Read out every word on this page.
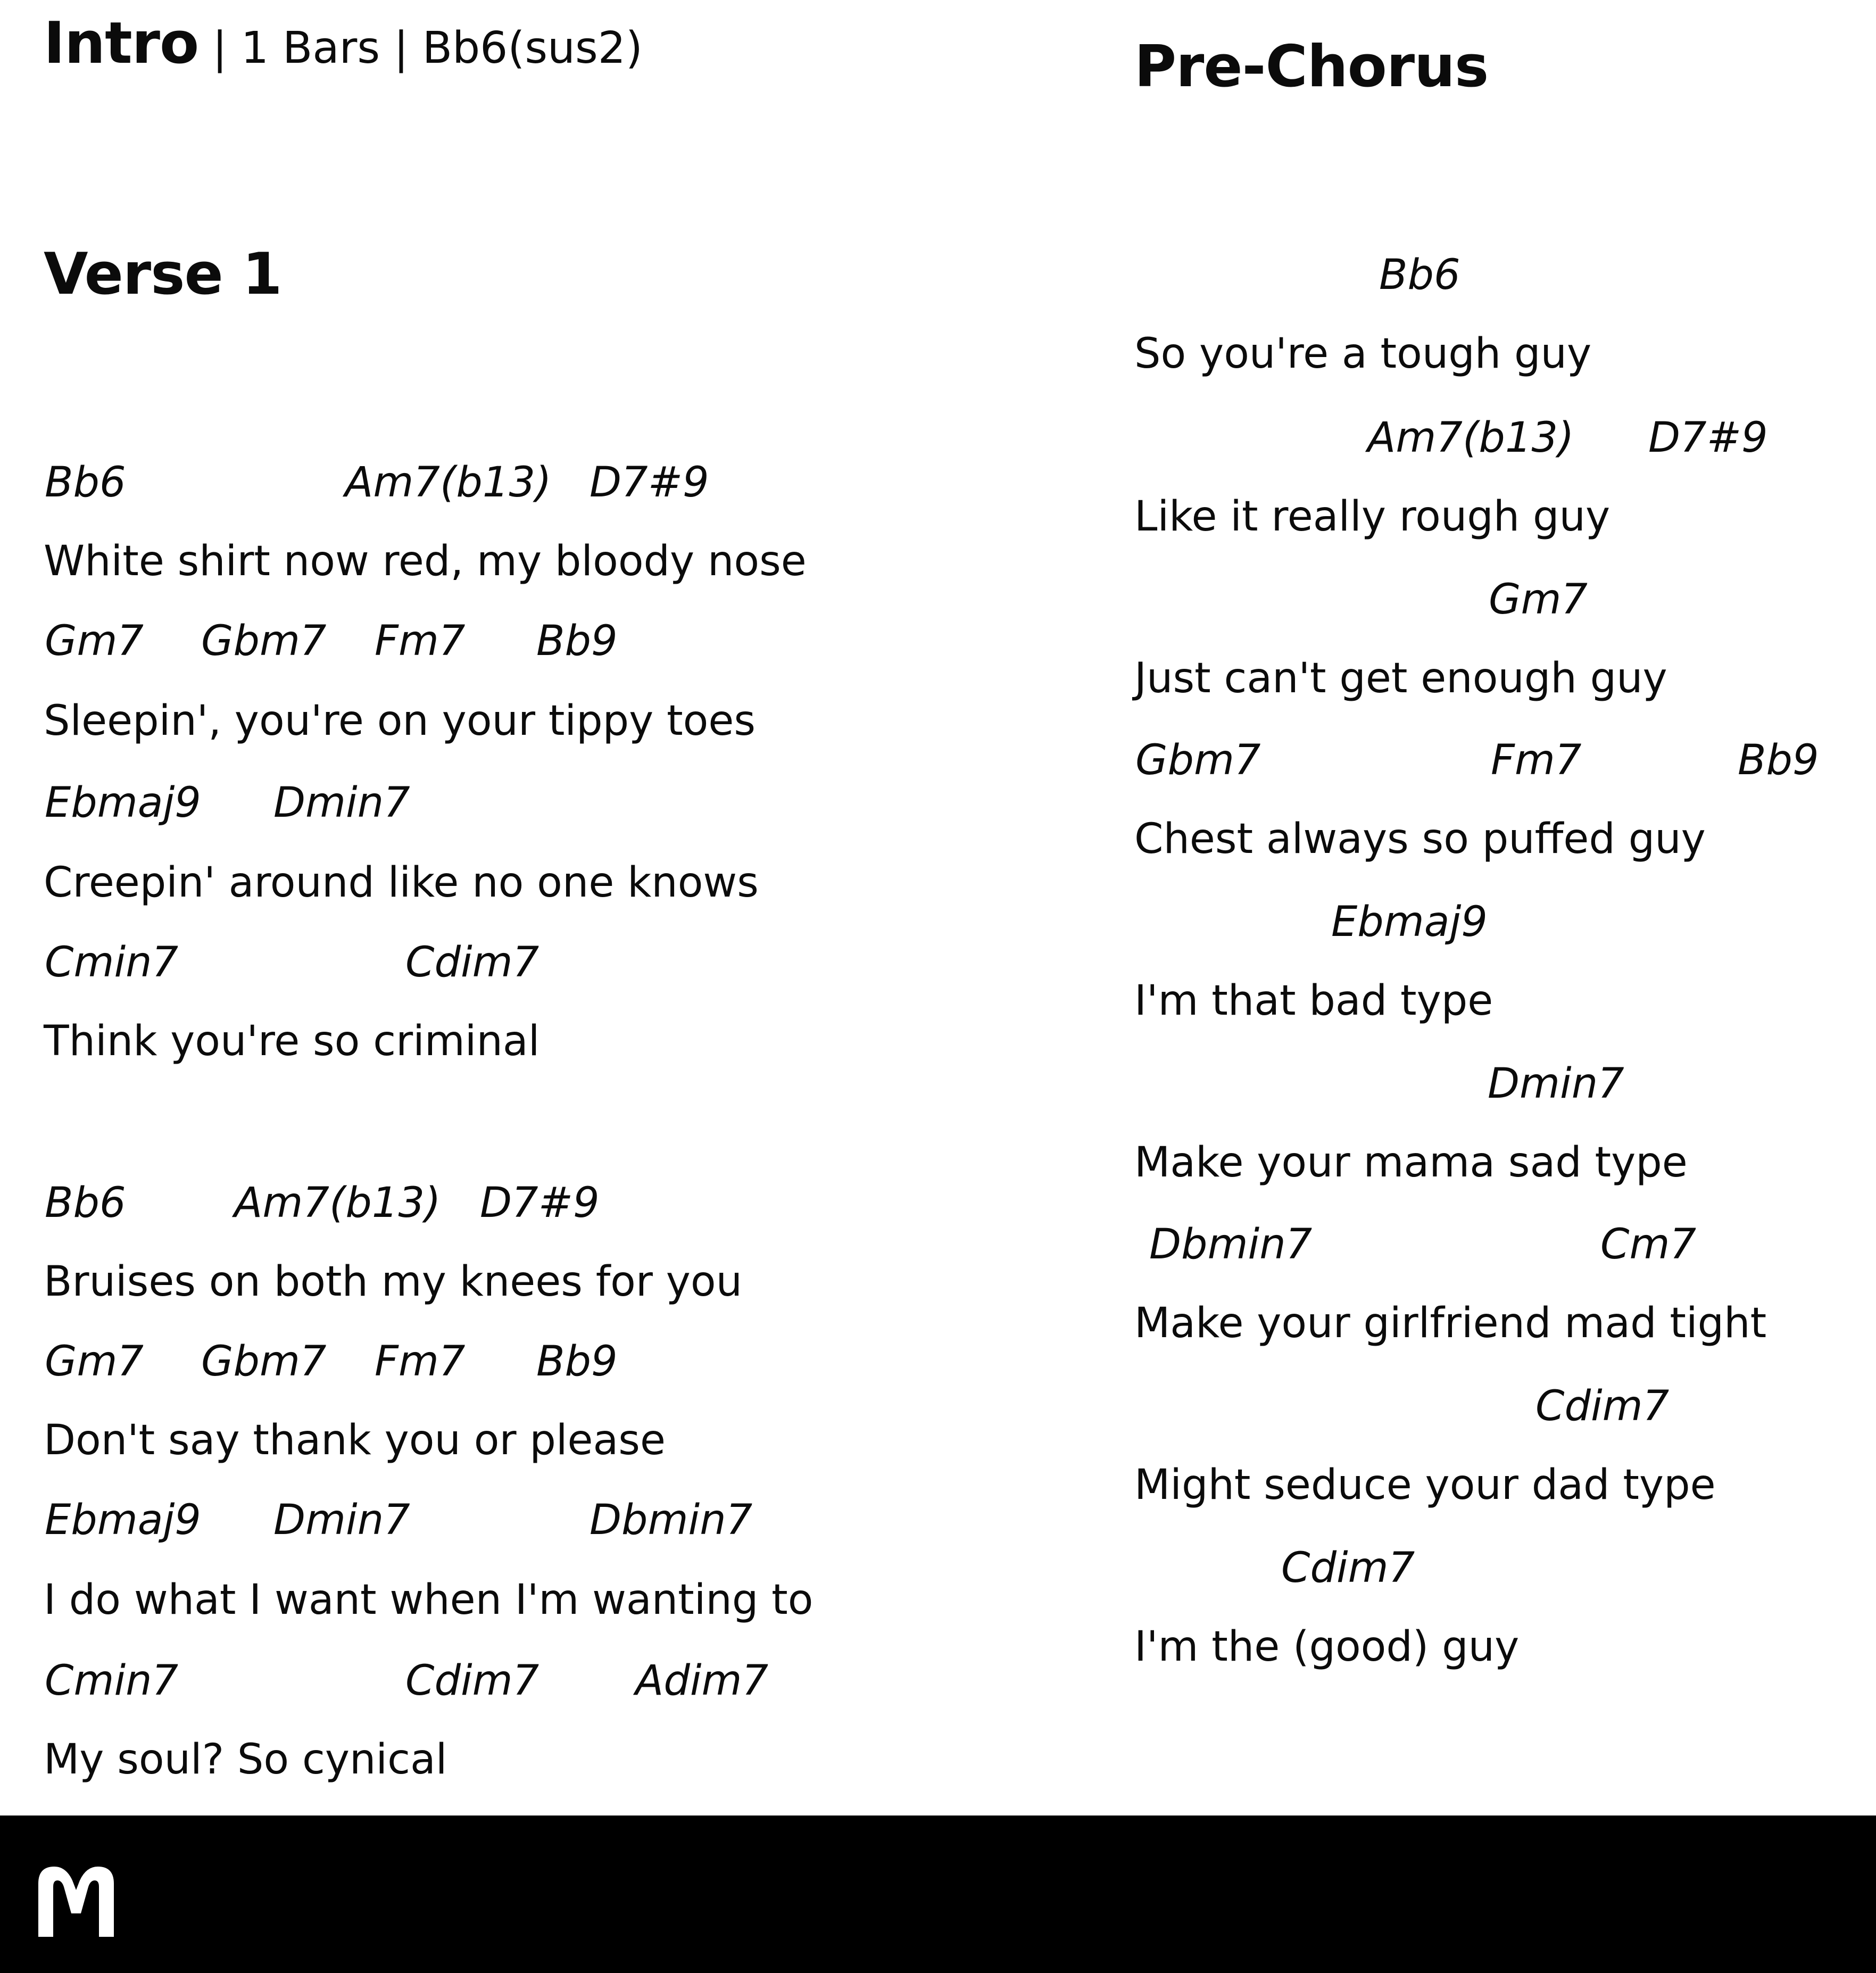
Intro | 1 Bars | Bb6(sus2)
Verse 1
Bb6	Am7(b13) D7#9
White shirt now red, my bloody nose
Gm7 Gbm7 Fm7 Bb9
Sleepin', you're on your tippy toes
Ebmaj9 Dmin7
Creepin' around like no one knows
Cmin7	Cdim7
Think you're so criminal
Bb6	Am7(b13) D7#9
Bruises on both my knees for you
Gm7 Gbm7 Fm7 Bb9
Don't say thank you or please
Ebmaj9 Dmin7	Dbmin7
I do what I want when I'm wanting to
Cmin7	Cdim7 Adim7
My soul? So cynical
Pre-Chorus
Bb6
So you're a tough guy
Am7(b13) D7#9
Like it really rough guy
Gm7
Just can't get enough guy
Gbm7	Fm7	Bb9
Chest always so puffed guy
Ebmaj9
I'm that bad type
Dmin7
Make your mama sad type
Dbmin7	Cm7
Make your girlfriend mad tight
Cdim7
Might seduce your dad type
Cdim7
I'm the (good) guy
